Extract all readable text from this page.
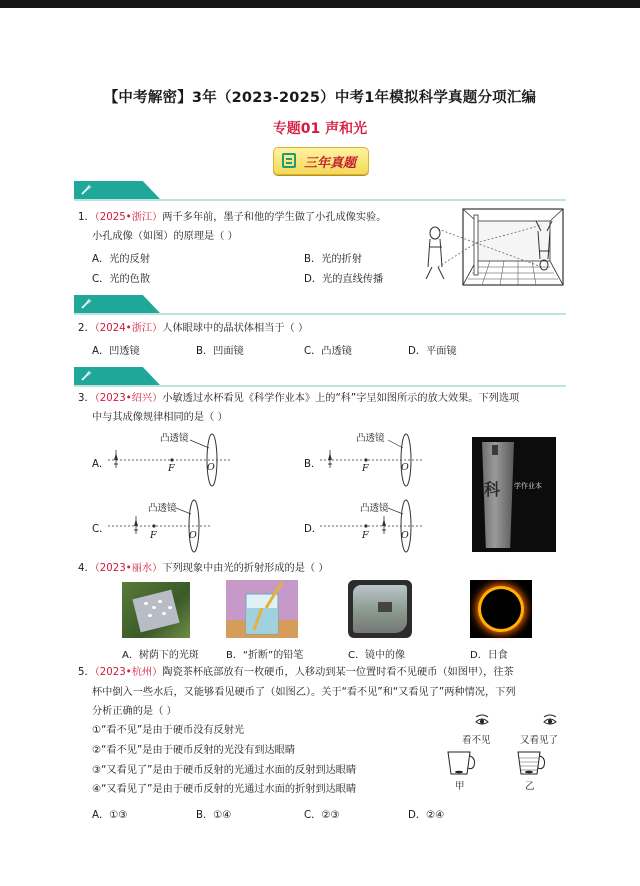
【中考解密】3年（2023-2025）中考1年模拟科学真题分项汇编
专题01 声和光
三年真题
1．（2025•浙江）两千多年前，墨子和他的学生做了小孔成像实验。
小孔成像（如图）的原理是（ ）
A．光的反射	B．光的折射
C．光的色散	D．光的直线传播
2．（2024•浙江）人体眼球中的晶状体相当于（ ）
A．凹透镜	B．凹面镜	C．凸透镜	D．平面镜
3．（2023•绍兴）小敏透过水杯看见《科学作业本》上的“科”字呈如图所示的放大效果。下列选项
中与其成像规律相同的是（ ）
A．
凸透镜
F	O	B．
凸透镜
F	O
C．
凸透镜
F	O
D．
凸透镜
F	O
科 学作业本
4．（2023•丽水）下列现象中由光的折射形成的是（ ）
A．树荫下的光斑	B．“折断”的铅笔	C．镜中的像	D．日食
5．（2023•杭州）陶瓷茶杯底部放有一枚硬币，人移动到某一位置时看不见硬币（如图甲），往茶
杯中倒入一些水后，又能够看见硬币了（如图乙）。关于“看不见”和“又看见了”两种情况，下列
分析正确的是（ ）
①“看不见”是由于硬币没有反射光
②“看不见”是由于硬币反射的光没有到达眼睛
③“又看见了”是由于硬币反射的光通过水面的反射到达眼睛
④“又看见了”是由于硬币反射的光通过水面的折射到达眼睛
A．①③	B．①④	C．②③	D．②④
看不见	又看见了
甲	乙
